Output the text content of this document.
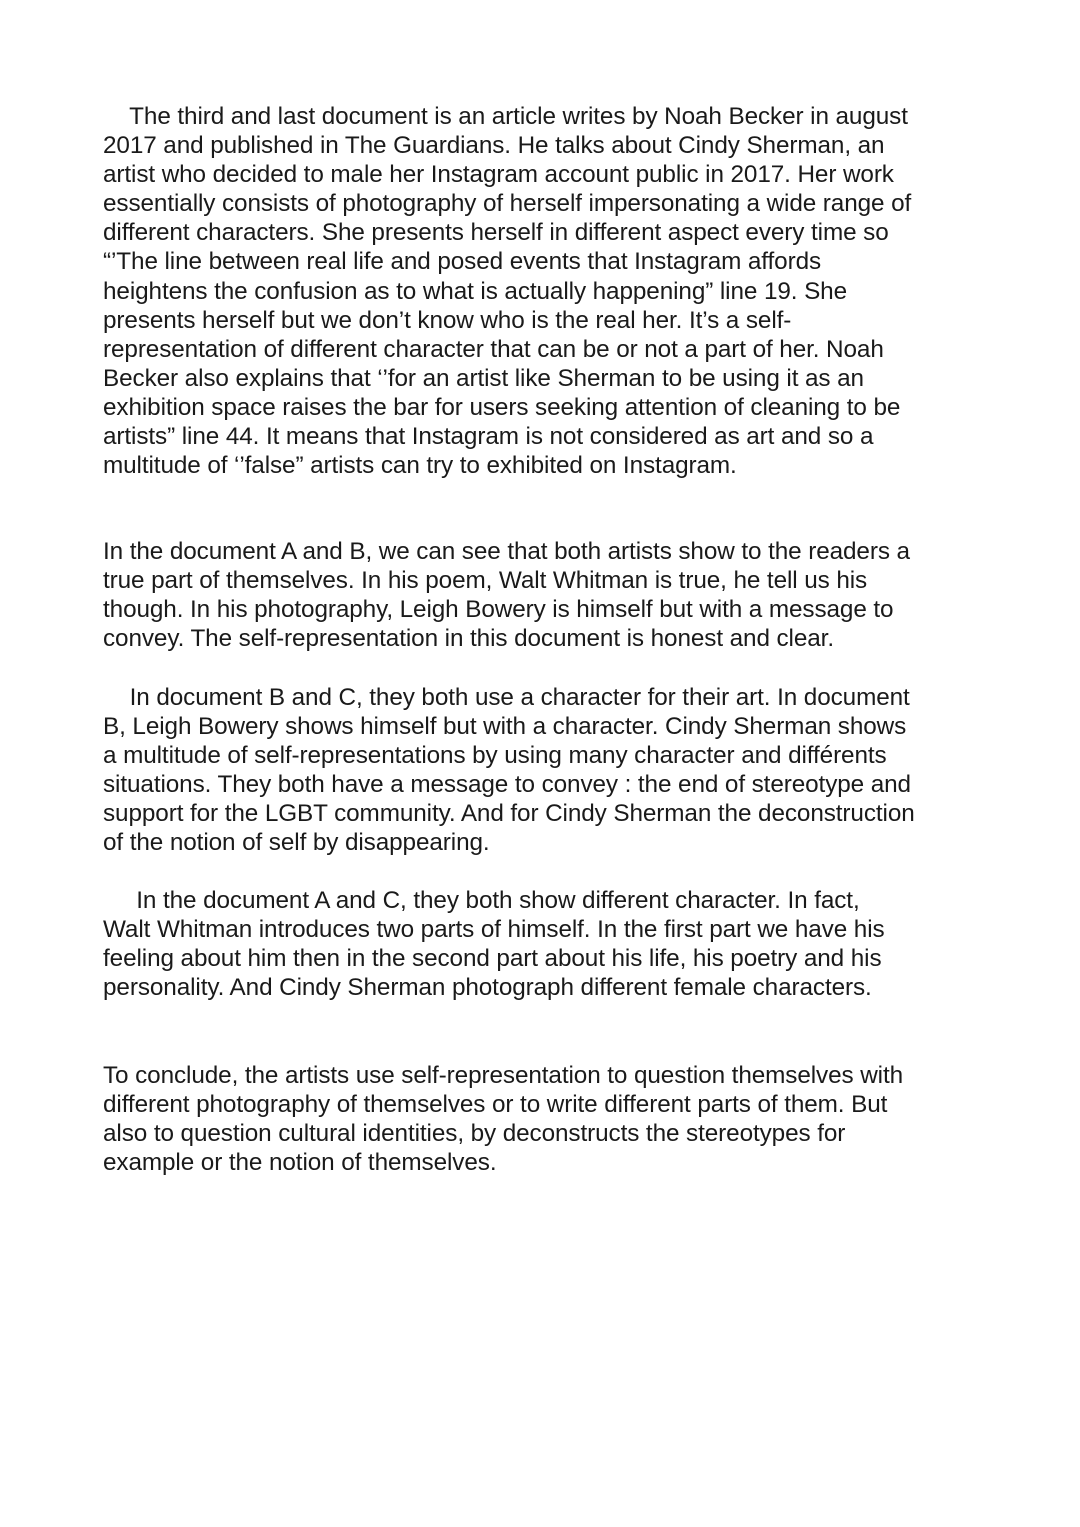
The third and last document is an article writes by Noah Becker in august
2017 and published in The Guardians. He talks about Cindy Sherman, an
artist who decided to male her Instagram account public in 2017. Her work
essentially consists of photography of herself impersonating a wide range of
different characters. She presents herself in different aspect every time so
“’The line between real life and posed events that Instagram affords
heightens the confusion as to what is actually happening” line 19. She
presents herself but we don’t know who is the real her. It’s a self-
representation of different character that can be or not a part of her. Noah
Becker also explains that ‘’for an artist like Sherman to be using it as an
exhibition space raises the bar for users seeking attention of cleaning to be
artists” line 44. It means that Instagram is not considered as art and so a
multitude of ‘’false” artists can try to exhibited on Instagram.

In the document A and B, we can see that both artists show to the readers a
true part of themselves. In his poem, Walt Whitman is true, he tell us his
though. In his photography, Leigh Bowery is himself but with a message to
convey. The self-representation in this document is honest and clear.

In document B and C, they both use a character for their art. In document
B, Leigh Bowery shows himself but with a character. Cindy Sherman shows
a multitude of self-representations by using many character and différents
situations. They both have a message to convey : the end of stereotype and
support for the LGBT community. And for Cindy Sherman the deconstruction
of the notion of self by disappearing.

In the document A and C, they both show different character. In fact,
Walt Whitman introduces two parts of himself. In the first part we have his
feeling about him then in the second part about his life, his poetry and his
personality. And Cindy Sherman photograph different female characters.

To conclude, the artists use self-representation to question themselves with
different photography of themselves or to write different parts of them. But
also to question cultural identities, by deconstructs the stereotypes for
example or the notion of themselves.
